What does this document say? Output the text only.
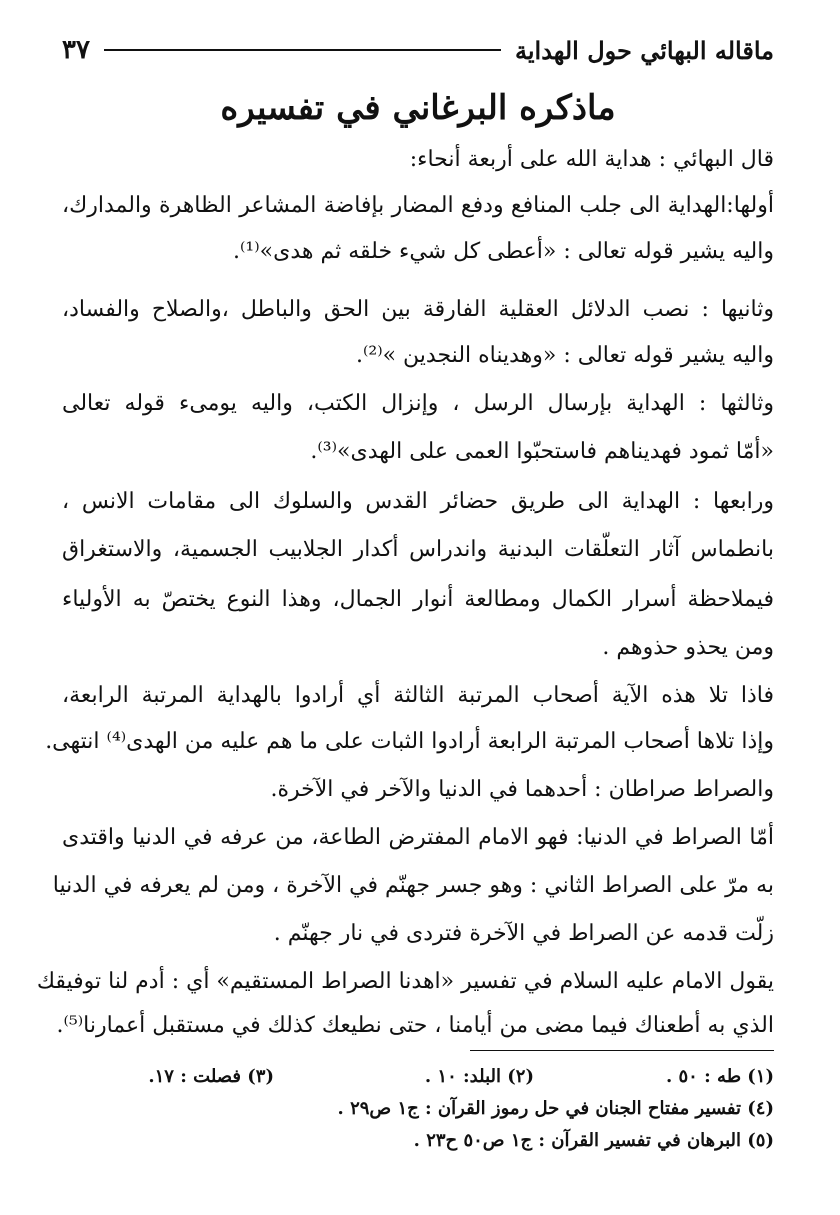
ماقاله البهائي حول الهداية
٣٧
ماذكره البرغاني في تفسيره
قال البهائي : هداية الله على أربعة أنحاء:
أولها:الهداية الى جلب المنافع ودفع المضار بإفاضة المشاعر الظاهرة والمدارك،
واليه يشير قوله تعالى : «أعطى كل شيء خلقه ثم هدى»⁽¹⁾.
وثانيها : نصب الدلائل العقلية الفارقة بين الحق والباطل ،والصلاح والفساد،
واليه يشير قوله تعالى : «وهديناه النجدين »⁽²⁾.
وثالثها : الهداية بإرسال الرسل ، وإنزال الكتب، واليه يومىء قوله تعالى
«أمّا ثمود فهديناهم فاستحبّوا العمى على الهدى»⁽³⁾.
ورابعها : الهداية الى طريق حضائر القدس والسلوك الى مقامات الانس ،
بانطماس آثار التعلّقات البدنية واندراس أكدار الجلابيب الجسمية، والاستغراق
فيملاحظة أسرار الكمال ومطالعة أنوار الجمال، وهذا النوع يختصّ به الأولياء
ومن يحذو حذوهم .
فاذا تلا هذه الآية أصحاب المرتبة الثالثة أي أرادوا بالهداية المرتبة الرابعة،
وإذا تلاها أصحاب المرتبة الرابعة أرادوا الثبات على ما هم عليه من الهدى⁽⁴⁾ انتهى.
والصراط صراطان : أحدهما في الدنيا والآخر في الآخرة.
أمّا الصراط في الدنيا: فهو الامام المفترض الطاعة، من عرفه في الدنيا واقتدى
به مرّ على الصراط الثاني : وهو جسر جهنّم في الآخرة ، ومن لم يعرفه في الدنيا
زلّت قدمه عن الصراط في الآخرة فتردى في نار جهنّم .
يقول الامام عليه السلام في تفسير «اهدنا الصراط المستقيم» أي : أدم لنا توفيقك
الذي به أطعناك فيما مضى من أيامنا ، حتى نطيعك كذلك في مستقبل أعمارنا⁽⁵⁾.
(١) طه : ٥٠ .
(٢) البلد: ١٠ .
(٣) فصلت : ١٧.
(٤) تفسير مفتاح الجنان في حل رموز القرآن : ج١ ص٢٩ .
(٥) البرهان في تفسير القرآن : ج١ ص٥٠ ح٢٣ .
